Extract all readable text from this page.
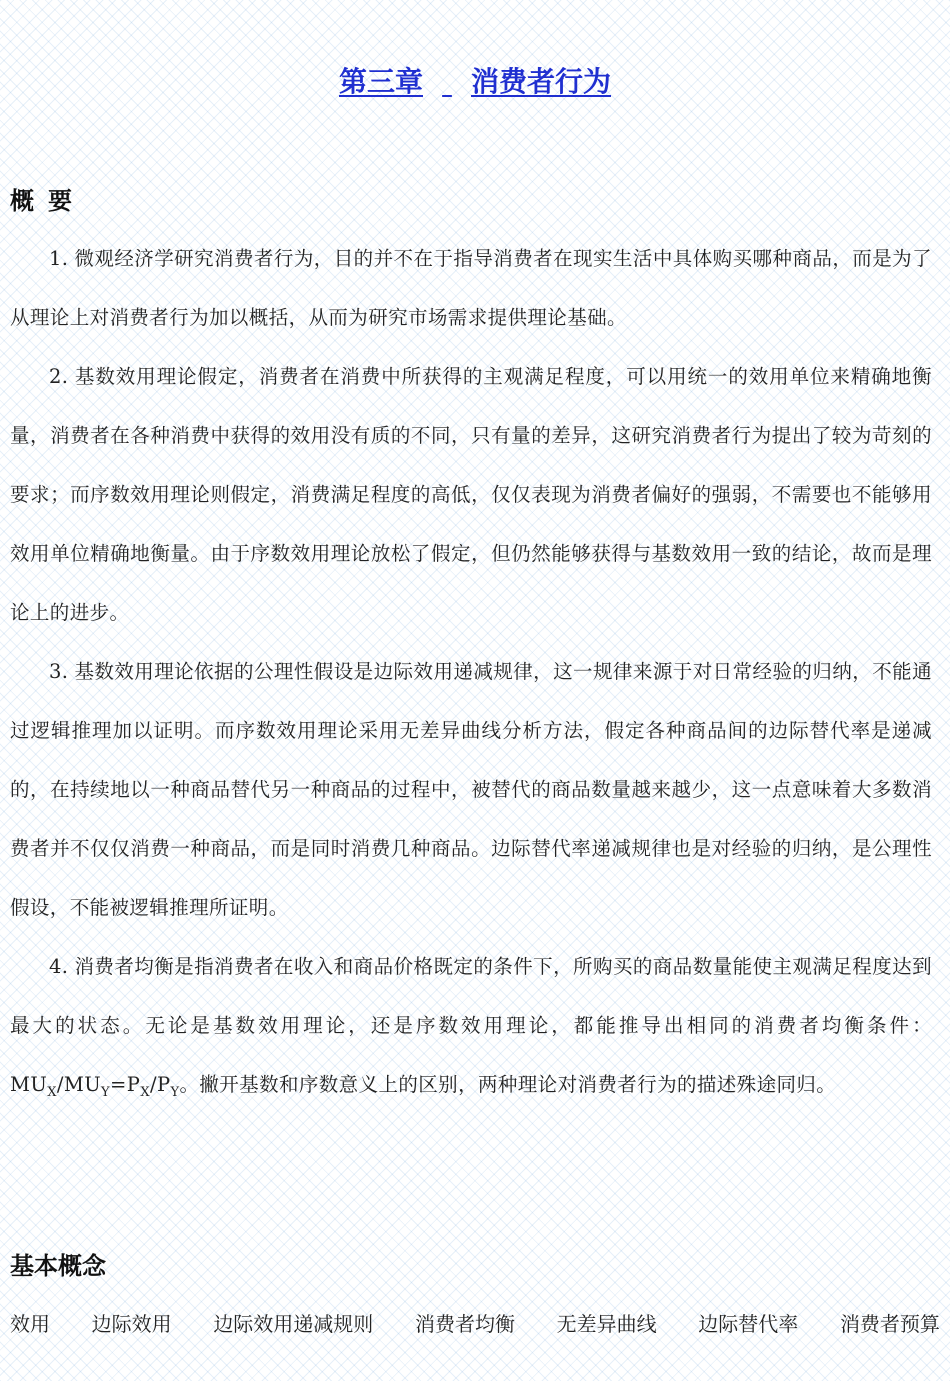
第三章 消费者行为
概要

1. 微观经济学研究消费者行为，目的并不在于指导消费者在现实生活中具体购买哪种商品，而是为了从理论上对消费者行为加以概括，从而为研究市场需求提供理论基础。

2. 基数效用理论假定，消费者在消费中所获得的主观满足程度，可以用统一的效用单位来精确地衡量，消费者在各种消费中获得的效用没有质的不同，只有量的差异，这研究消费者行为提出了较为苛刻的要求；而序数效用理论则假定，消费满足程度的高低，仅仅表现为消费者偏好的强弱，不需要也不能够用效用单位精确地衡量。由于序数效用理论放松了假定，但仍然能够获得与基数效用一致的结论，故而是理论上的进步。

3. 基数效用理论依据的公理性假设是边际效用递减规律，这一规律来源于对日常经验的归纳，不能通过逻辑推理加以证明。而序数效用理论采用无差异曲线分析方法，假定各种商品间的边际替代率是递减的，在持续地以一种商品替代另一种商品的过程中，被替代的商品数量越来越少，这一点意味着大多数消费者并不仅仅消费一种商品，而是同时消费几种商品。边际替代率递减规律也是对经验的归纳，是公理性假设，不能被逻辑推理所证明。

4. 消费者均衡是指消费者在收入和商品价格既定的条件下，所购买的商品数量能使主观满足程度达到最大的状态。无论是基数效用理论，还是序数效用理论，都能推导出相同的消费者均衡条件：$MU_X/MU_Y=P_X/P_Y$。撇开基数和序数意义上的区别，两种理论对消费者行为的描述殊途同归。

基本概念
效用 边际效用 边际效用递减规则 消费者均衡 无差异曲线 边际替代率 消费者预算
